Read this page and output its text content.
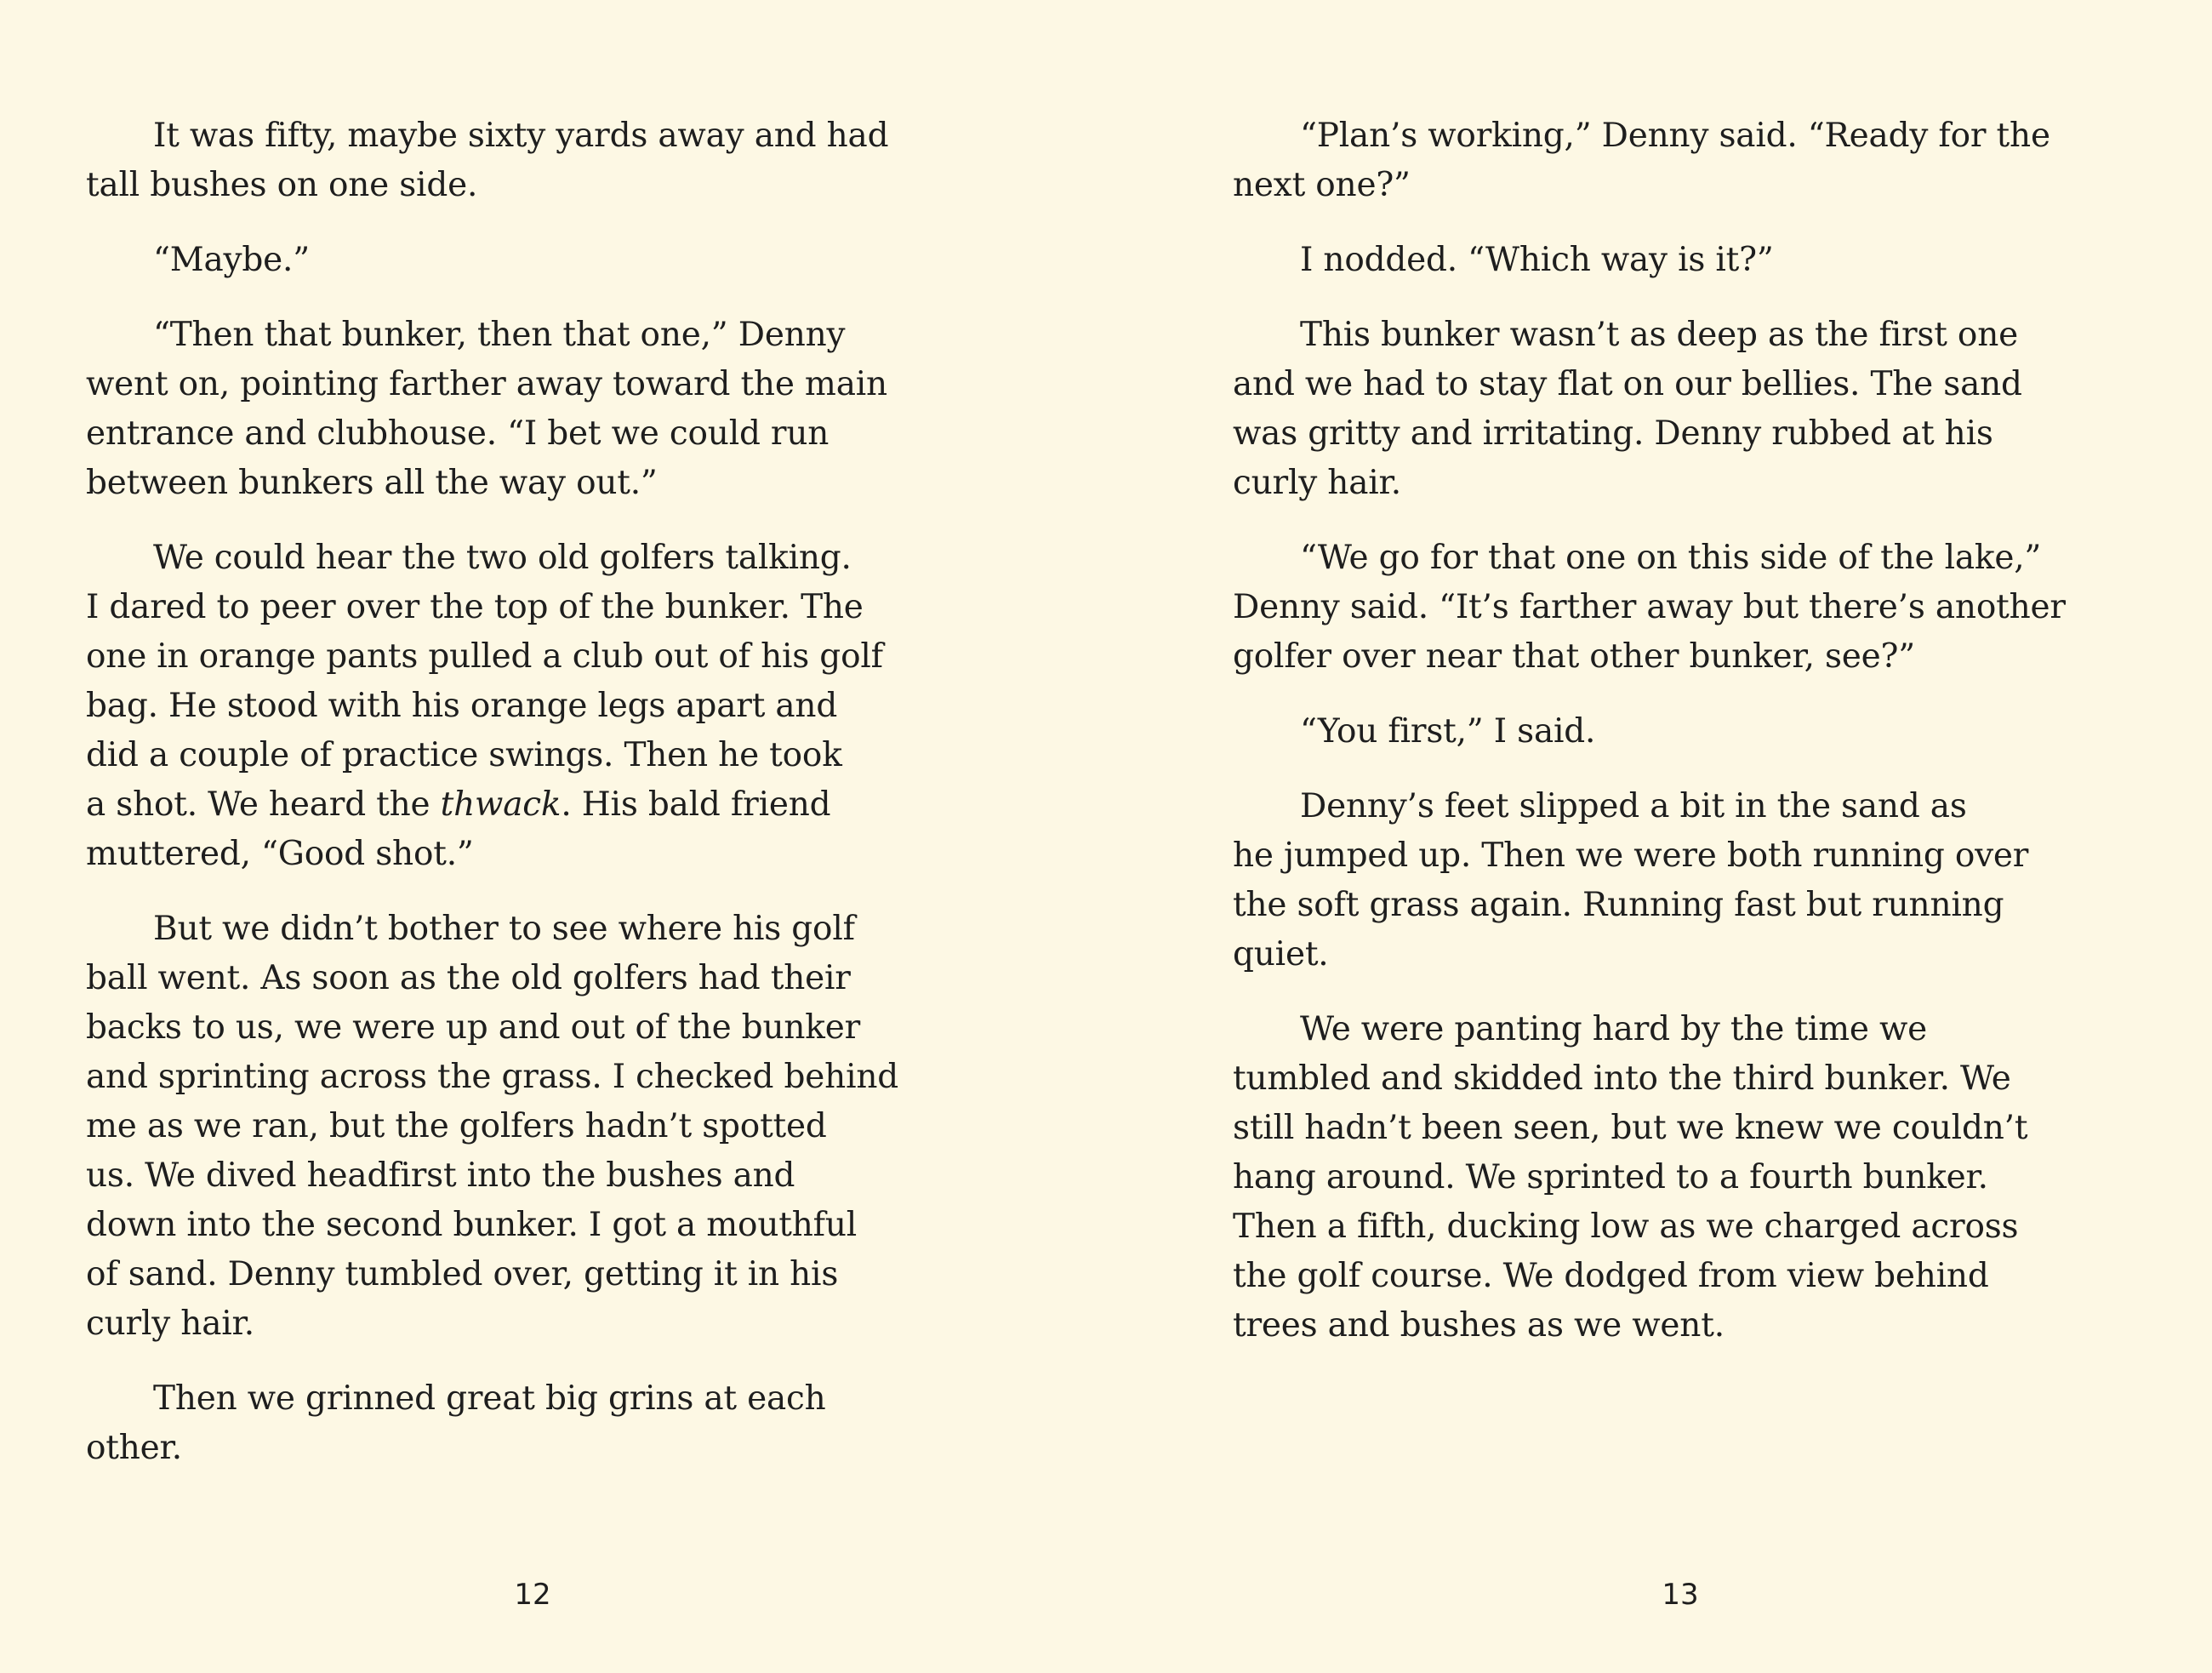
It was fifty, maybe sixty yards away and had
tall bushes on one side.

“Maybe.”

“Then that bunker, then that one,” Denny
went on, pointing farther away toward the main
entrance and clubhouse. “I bet we could run
between bunkers all the way out.”

We could hear the two old golfers talking.
I dared to peer over the top of the bunker. The
one in orange pants pulled a club out of his golf
bag. He stood with his orange legs apart and
did a couple of practice swings. Then he took
a shot. We heard the thwack. His bald friend
muttered, “Good shot.”

But we didn’t bother to see where his golf
ball went. As soon as the old golfers had their
backs to us, we were up and out of the bunker
and sprinting across the grass. I checked behind
me as we ran, but the golfers hadn’t spotted
us. We dived headfirst into the bushes and
down into the second bunker. I got a mouthful
of sand. Denny tumbled over, getting it in his
curly hair.

Then we grinned great big grins at each
other.

12

“Plan’s working,” Denny said. “Ready for the
next one?”

I nodded. “Which way is it?”

This bunker wasn’t as deep as the first one
and we had to stay flat on our bellies. The sand
was gritty and irritating. Denny rubbed at his
curly hair.

“We go for that one on this side of the lake,”
Denny said. “It’s farther away but there’s another
golfer over near that other bunker, see?”

“You first,” I said.

Denny’s feet slipped a bit in the sand as
he jumped up. Then we were both running over
the soft grass again. Running fast but running
quiet.

We were panting hard by the time we
tumbled and skidded into the third bunker. We
still hadn’t been seen, but we knew we couldn’t
hang around. We sprinted to a fourth bunker.
Then a fifth, ducking low as we charged across
the golf course. We dodged from view behind
trees and bushes as we went.

13
